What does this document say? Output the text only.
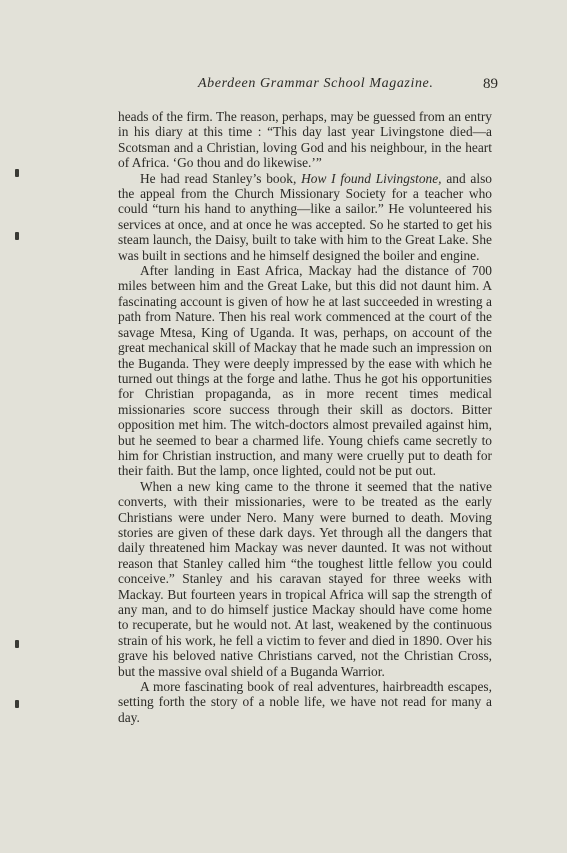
Aberdeen Grammar School Magazine.	89

heads of the firm. The reason, perhaps, may be guessed from an entry in his diary at this time : “This day last year Livingstone died—a Scotsman and a Christian, loving God and his neighbour, in the heart of Africa. ‘Go thou and do likewise.’”

He had read Stanley’s book, How I found Livingstone, and also the appeal from the Church Missionary Society for a teacher who could “turn his hand to anything—like a sailor.” He volunteered his services at once, and at once he was accepted. So he started to get his steam launch, the Daisy, built to take with him to the Great Lake. She was built in sections and he himself designed the boiler and engine.

After landing in East Africa, Mackay had the distance of 700 miles between him and the Great Lake, but this did not daunt him. A fascinating account is given of how he at last succeeded in wresting a path from Nature. Then his real work commenced at the court of the savage Mtesa, King of Uganda. It was, perhaps, on account of the great mechanical skill of Mackay that he made such an impression on the Buganda. They were deeply impressed by the ease with which he turned out things at the forge and lathe. Thus he got his opportunities for Christian propaganda, as in more recent times medical missionaries score success through their skill as doctors. Bitter opposition met him. The witch-doctors almost prevailed against him, but he seemed to bear a charmed life. Young chiefs came secretly to him for Christian instruction, and many were cruelly put to death for their faith. But the lamp, once lighted, could not be put out.

When a new king came to the throne it seemed that the native converts, with their missionaries, were to be treated as the early Christians were under Nero. Many were burned to death. Moving stories are given of these dark days. Yet through all the dangers that daily threatened him Mackay was never daunted. It was not without reason that Stanley called him “the toughest little fellow you could conceive.” Stanley and his caravan stayed for three weeks with Mackay. But fourteen years in tropical Africa will sap the strength of any man, and to do himself justice Mackay should have come home to recuperate, but he would not. At last, weakened by the continuous strain of his work, he fell a victim to fever and died in 1890. Over his grave his beloved native Christians carved, not the Christian Cross, but the massive oval shield of a Buganda Warrior.

A more fascinating book of real adventures, hairbreadth escapes, setting forth the story of a noble life, we have not read for many a day.
